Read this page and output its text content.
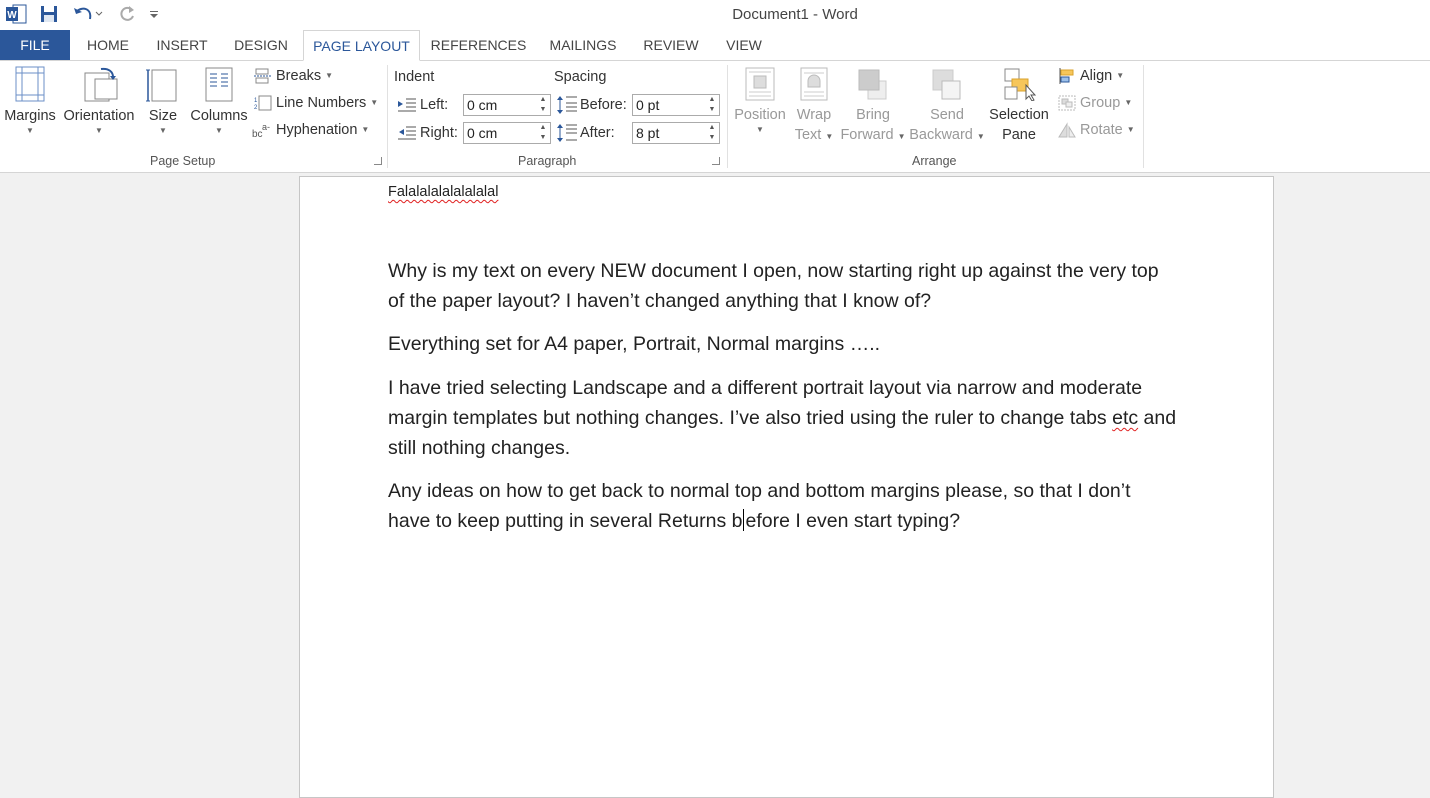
W	Document1 - Word
FILE	HOME	INSERT	DESIGN	PAGE LAYOUT	REFERENCES	MAILINGS	REVIEW	VIEW
Margins
▼
Orientation
▼
Size
▼
Columns
▼
Breaks ▼
1
2 Line Numbers ▼
bc
a- Hyphenation ▼
Page Setup
Indent	Spacing
Left: 0 cm	▲
▼
Right: 0 cm	▲
▼
Before: 0 pt	▲
▼
After: 8 pt	▲
▼
Paragraph
Position
▼
Wrap
Text ▼
Bring
Forward ▼
Send
Backward ▼
Selection
Pane
Align ▼
Group ▼
Rotate ▼
Arrange
Falalalalalalalalal
Why is my text on every NEW document I open, now starting right up against the very top of the paper layout? I haven’t changed anything that I know of?
Everything set for A4 paper, Portrait, Normal margins …..
I have tried selecting Landscape and a different portrait layout via narrow and moderate margin templates but nothing changes. I’ve also tried using the ruler to change tabs etc and still nothing changes.
Any ideas on how to get back to normal top and bottom margins please, so that I don’t have to keep putting in several Returns b efore I even start typing?
